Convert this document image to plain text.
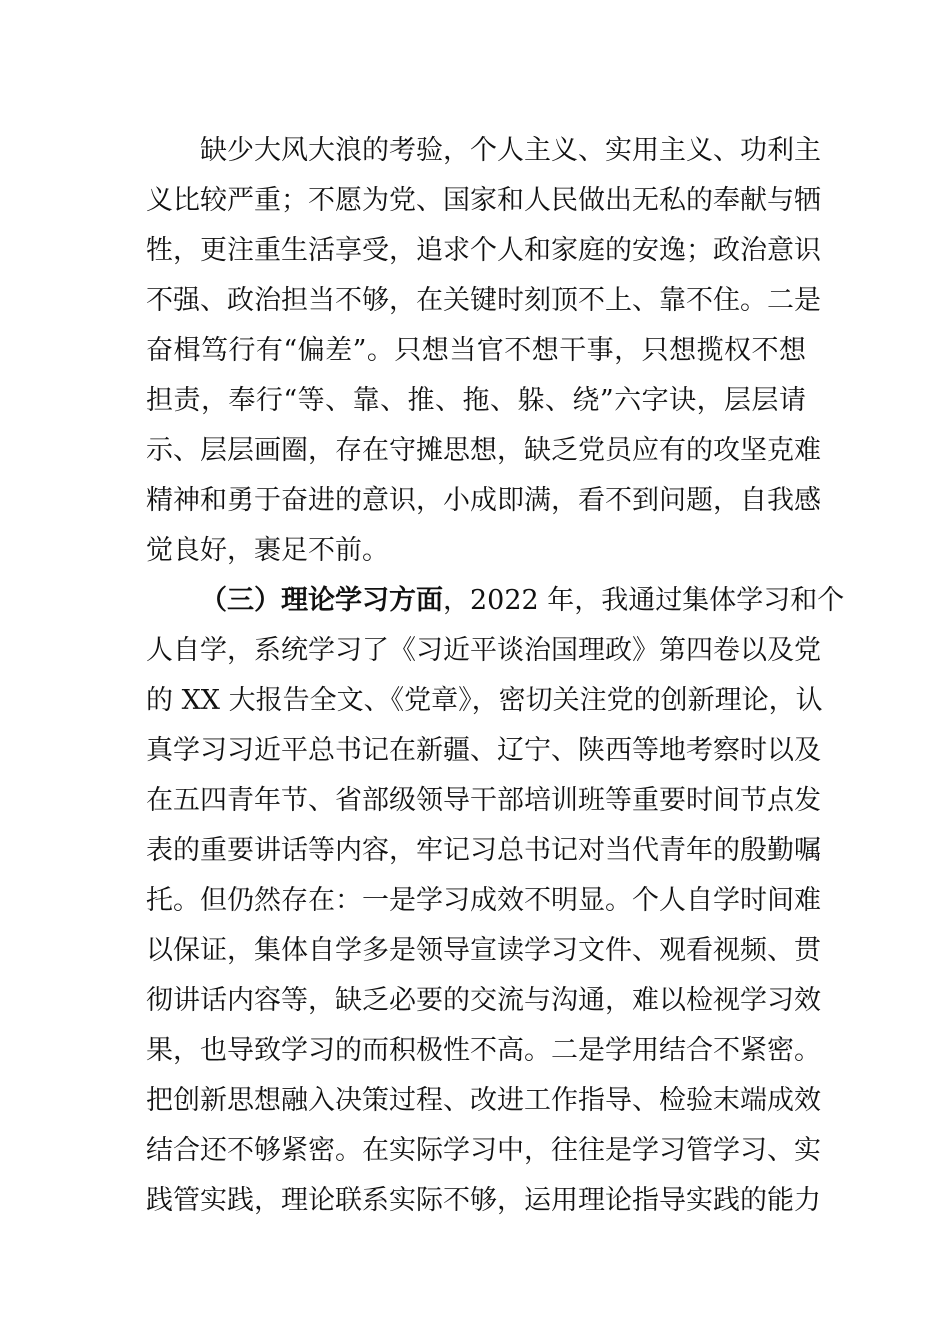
缺少大风大浪的考验，个人主义、实用主义、功利主
义比较严重；不愿为党、国家和人民做出无私的奉献与牺
牲，更注重生活享受，追求个人和家庭的安逸；政治意识
不强、政治担当不够，在关键时刻顶不上、靠不住。二是
奋楫笃行有“偏差”。只想当官不想干事，只想揽权不想
担责，奉行“等、靠、推、拖、躲、绕”六字诀，层层请
示、层层画圈，存在守摊思想，缺乏党员应有的攻坚克难
精神和勇于奋进的意识，小成即满，看不到问题，自我感
觉良好，裹足不前。
（三）理论学习方面，2022 年，我通过集体学习和个
人自学，系统学习了《习近平谈治国理政》第四卷以及党
的 XX 大报告全文、《党章》，密切关注党的创新理论，认
真学习习近平总书记在新疆、辽宁、陕西等地考察时以及
在五四青年节、省部级领导干部培训班等重要时间节点发
表的重要讲话等内容，牢记习总书记对当代青年的殷勤嘱
托。但仍然存在：一是学习成效不明显。个人自学时间难
以保证，集体自学多是领导宣读学习文件、观看视频、贯
彻讲话内容等，缺乏必要的交流与沟通，难以检视学习效
果，也导致学习的而积极性不高。二是学用结合不紧密。
把创新思想融入决策过程、改进工作指导、检验末端成效
结合还不够紧密。在实际学习中，往往是学习管学习、实
践管实践，理论联系实际不够，运用理论指导实践的能力
